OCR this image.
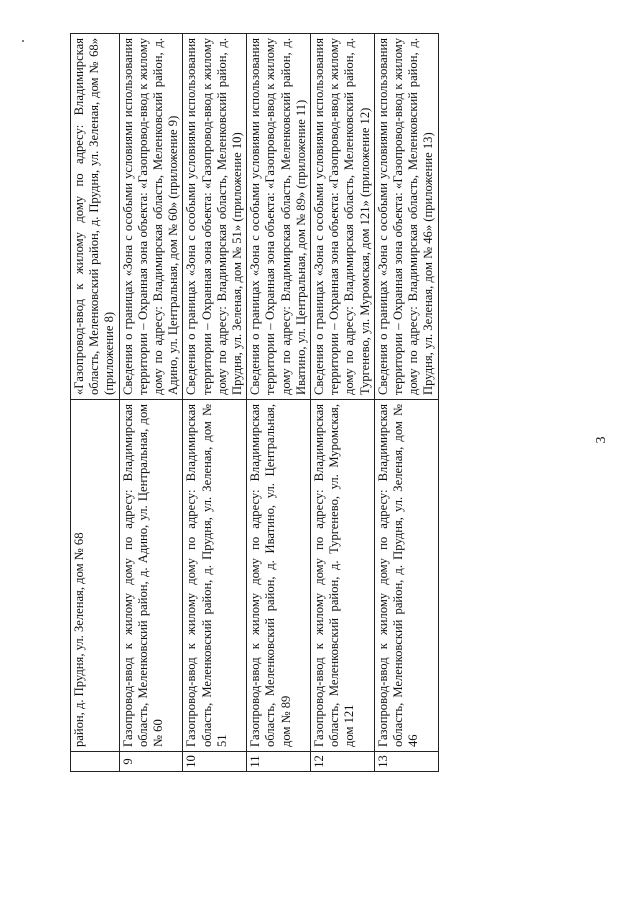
3
	район, д. Прудня, ул. Зеленая, дом № 68	«Газопровод-ввод к жилому дому по адресу: Владимирская область, Меленковский район, д. Прудня, ул. Зеленая, дом № 68» (приложение 8)
9	Газопровод-ввод к жилому дому по адресу: Владимирская область, Меленковский район, д. Адино, ул. Центральная, дом № 60	Сведения о границах «Зона с особыми условиями использования территории – Охранная зона объекта: «Газопровод-ввод к жилому дому по адресу: Владимирская область, Меленковский район, д. Адино, ул. Центральная, дом № 60» (приложение 9)
10	Газопровод-ввод к жилому дому по адресу: Владимирская область, Меленковский район, д. Прудня, ул. Зеленая, дом № 51	Сведения о границах «Зона с особыми условиями использования территории – Охранная зона объекта: «Газопровод-ввод к жилому дому по адресу: Владимирская область, Меленковский район, д. Прудня, ул. Зеленая, дом № 51» (приложение 10)
11	Газопровод-ввод к жилому дому по адресу: Владимирская область, Меленковский район, д. Иватино, ул. Центральная, дом № 89	Сведения о границах «Зона с особыми условиями использования территории – Охранная зона объекта: «Газопровод-ввод к жилому дому по адресу: Владимирская область, Меленковский район, д. Иватино, ул. Центральная, дом № 89» (приложение 11)
12	Газопровод-ввод к жилому дому по адресу: Владимирская область, Меленковский район, д. Тургенево, ул. Муромская, дом 121	Сведения о границах «Зона с особыми условиями использования территории – Охранная зона объекта: «Газопровод-ввод к жилому дому по адресу: Владимирская область, Меленковский район, д. Тургенево, ул. Муромская, дом 121» (приложение 12)
13	Газопровод-ввод к жилому дому по адресу: Владимирская область, Меленковский район, д. Прудня, ул. Зеленая, дом № 46	Сведения о границах «Зона с особыми условиями использования территории – Охранная зона объекта: «Газопровод-ввод к жилому дому по адресу: Владимирская область, Меленковский район, д. Прудня, ул. Зеленая, дом № 46» (приложение 13)
